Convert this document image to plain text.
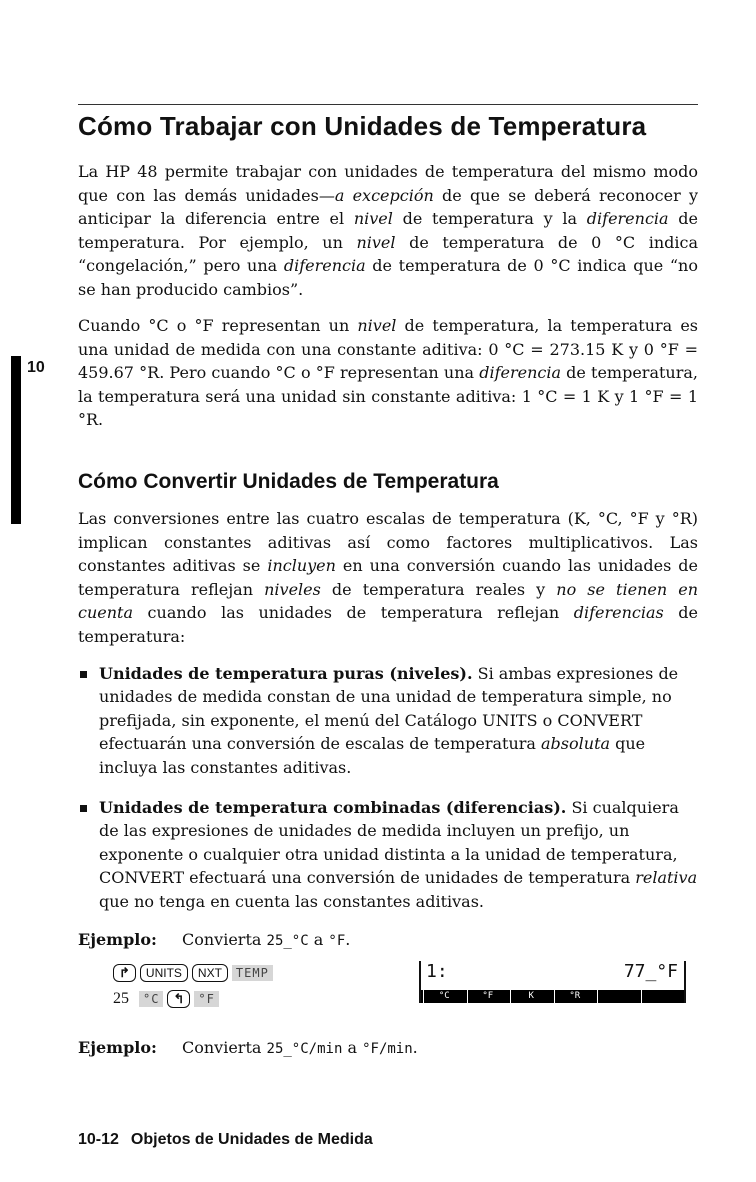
10
Cómo Trabajar con Unidades de Temperatura

La HP 48 permite trabajar con unidades de temperatura del mismo modo que con las demás unidades—a excepción de que se deberá reconocer y anticipar la diferencia entre el nivel de temperatura y la diferencia de temperatura. Por ejemplo, un nivel de temperatura de 0 °C indica “congelación,” pero una diferencia de temperatura de 0 °C indica que “no se han producido cambios”.

Cuando °C o °F representan un nivel de temperatura, la temperatura es una unidad de medida con una constante aditiva: 0 °C = 273.15 K y 0 °F = 459.67 °R. Pero cuando °C o °F representan una diferencia de temperatura, la temperatura será una unidad sin constante aditiva: 1 °C = 1 K y 1 °F = 1 °R.

Cómo Convertir Unidades de Temperatura

Las conversiones entre las cuatro escalas de temperatura (K, °C, °F y °R) implican constantes aditivas así como factores multiplicativos. Las constantes aditivas se incluyen en una conversión cuando las unidades de temperatura reflejan niveles de temperatura reales y no se tienen en cuenta cuando las unidades de temperatura reflejan diferencias de temperatura:

Unidades de temperatura puras (niveles). Si ambas expresiones de unidades de medida constan de una unidad de temperatura simple, no prefijada, sin exponente, el menú del Catálogo UNITS o CONVERT efectuarán una conversión de escalas de temperatura absoluta que incluya las constantes aditivas.

Unidades de temperatura combinadas (diferencias). Si cualquiera de las expresiones de unidades de medida incluyen un prefijo, un exponente o cualquier otra unidad distinta a la unidad de temperatura, CONVERT efectuará una conversión de unidades de temperatura relativa que no tenga en cuenta las constantes aditivas.

Ejemplo: Convierta 25_°C a °F.
↱	UNITS	NXT	TEMP
25	°C	↰	°F
1:	77_°F
°C	°F	K	°R
Ejemplo: Convierta 25_°C/min a °F/min.
10-12 Objetos de Unidades de Medida
